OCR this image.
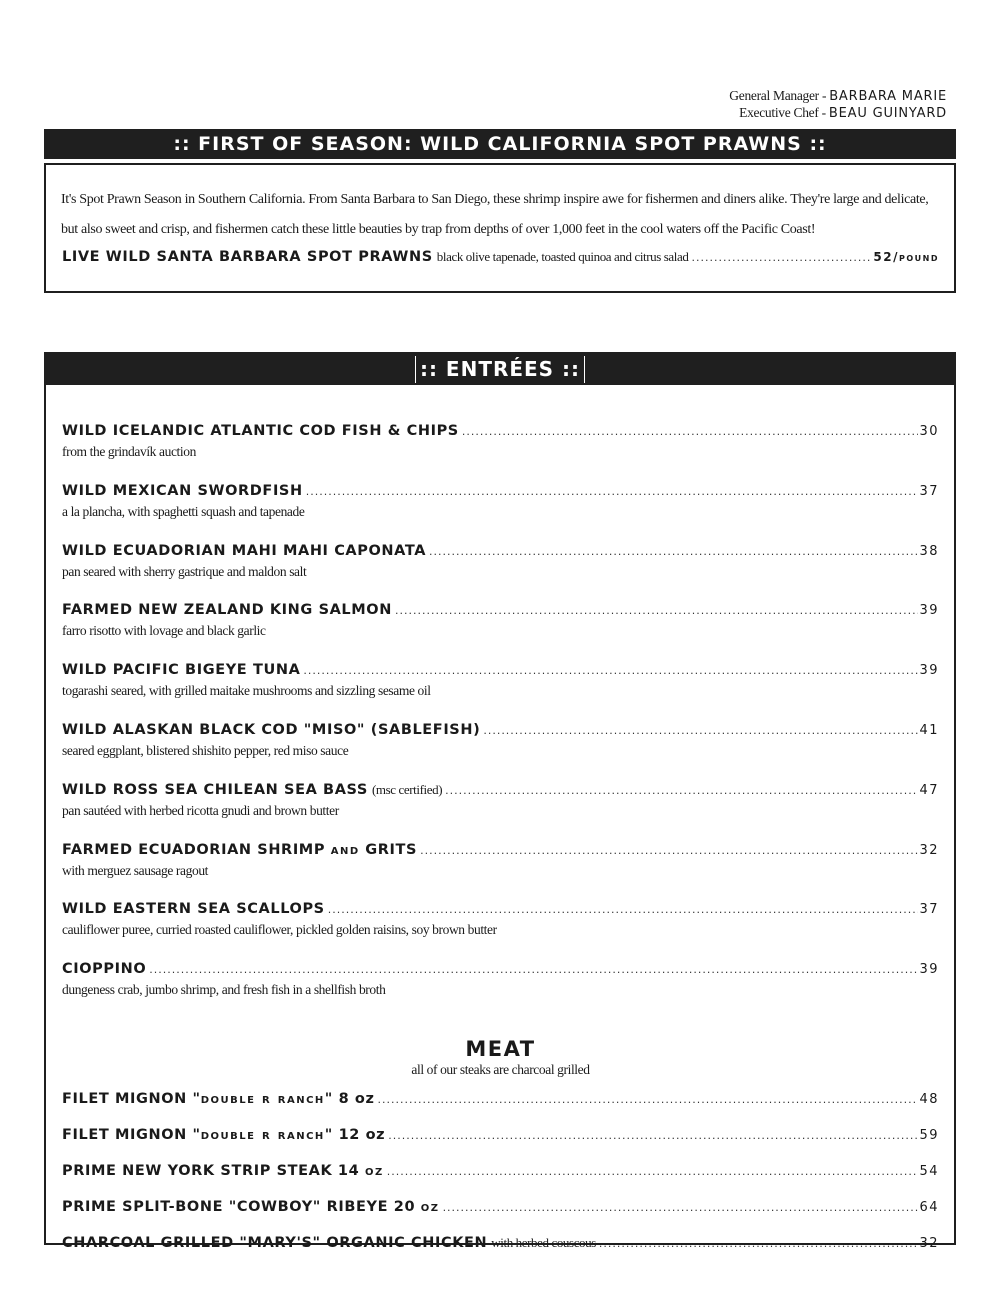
General Manager - BARBARA MARIE
Executive Chef - BEAU GUINYARD
:: FIRST OF SEASON: WILD CALIFORNIA SPOT PRAWNS ::
It's Spot Prawn Season in Southern California. From Santa Barbara to San Diego, these shrimp inspire awe for fishermen and diners alike. They're large and delicate, but also sweet and crisp, and fishermen catch these little beauties by trap from depths of over 1,000 feet in the cool waters off the Pacific Coast!
LIVE WILD SANTA BARBARA SPOT PRAWNS black olive tapenade, toasted quinoa and citrus salad .....	52/pound
:: ENTRÉES ::
WILD ICELANDIC ATLANTIC COD FISH & CHIPS .....	30
from the grindavík auction
WILD MEXICAN SWORDFISH .....	37
a la plancha, with spaghetti squash and tapenade
WILD ECUADORIAN MAHI MAHI CAPONATA .....	38
pan seared with sherry gastrique and maldon salt
FARMED NEW ZEALAND KING SALMON .....	39
farro risotto with lovage and black garlic
WILD PACIFIC BIGEYE TUNA .....	39
togarashi seared, with grilled maitake mushrooms and sizzling sesame oil
WILD ALASKAN BLACK COD "MISO" (SABLEFISH) .....	41
seared eggplant, blistered shishito pepper, red miso sauce
WILD ROSS SEA CHILEAN SEA BASS (msc certified) .....	47
pan sautéed with herbed ricotta gnudi and brown butter
FARMED ECUADORIAN SHRIMP and GRITS .....	32
with merguez sausage ragout
WILD EASTERN SEA SCALLOPS .....	37
cauliflower puree, curried roasted cauliflower, pickled golden raisins, soy brown butter
CIOPPINO .....	39
dungeness crab, jumbo shrimp, and fresh fish in a shellfish broth
MEAT
all of our steaks are charcoal grilled
FILET MIGNON "double r ranch" 8 oz .....	48
FILET MIGNON "double r ranch" 12 oz .....	59
PRIME NEW YORK STRIP STEAK 14 oz .....	54
PRIME SPLIT-BONE "COWBOY" RIBEYE 20 oz .....	64
CHARCOAL GRILLED "MARY'S" ORGANIC CHICKEN with herbed couscous .....	32
